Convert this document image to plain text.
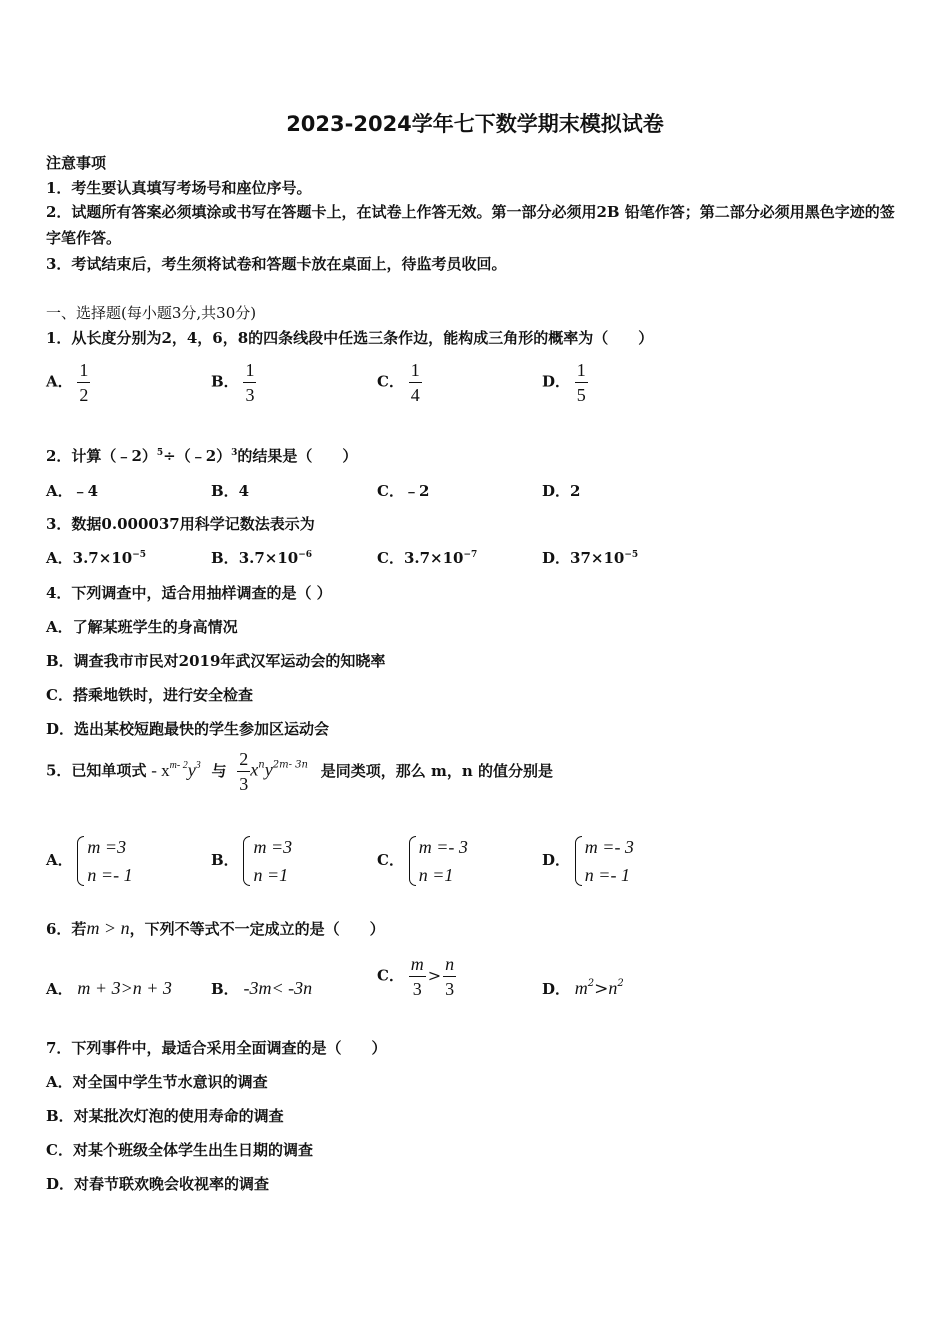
2023-2024学年七下数学期末模拟试卷
注意事项
1．考生要认真填写考场号和座位序号。
2．试题所有答案必须填涂或书写在答题卡上，在试卷上作答无效。第一部分必须用2B 铅笔作答；第二部分必须用黑色字迹的签字笔作答。
3．考试结束后，考生须将试卷和答题卡放在桌面上，待监考员收回。
一、选择题(每小题3分,共30分)
1．从长度分别为2，4，6，8的四条线段中任选三条作边，能构成三角形的概率为（　　）
A． $\frac{1}{2}$	B． $\frac{1}{3}$	C． $\frac{1}{4}$	D． $\frac{1}{5}$
2．计算（﹣2）$^5$÷（﹣2）$^3$的结果是（　　）
A．﹣4	B．4	C．﹣2	D．2
3．数据0.000037用科学记数法表示为
A．$3.7\times 10^{-5}$	B．$3.7\times 10^{-6}$	C．$3.7\times 10^{-7}$	D．$37\times 10^{-5}$
4．下列调查中，适合用抽样调查的是（ ）
A．了解某班学生的身高情况
B．调查我市市民对2019年武汉军运动会的知晓率
C．搭乘地铁时，进行安全检查
D．选出某校短跑最快的学生参加区运动会
5．已知单项式 - $x^{m- 2}y^3$ 与 $\frac{2}{3} x^ny^{2m- 3n}$ 是同类项，那么 m，n 的值分别是
A．
m =3
n =- 1
B．
m =3
n =1
C．
m =- 3
n =1
D．
m =- 3
n =- 1
6．若m > n，下列不等式不一定成立的是（　　）
A． m + 3>n + 3	B． -3m< -3n
C． $\frac{m}{3} > \frac{n}{3}$	D． $m^2>n^2$
7．下列事件中，最适合采用全面调查的是（　　）
A．对全国中学生节水意识的调查
B．对某批次灯泡的使用寿命的调查
C．对某个班级全体学生出生日期的调查
D．对春节联欢晚会收视率的调查
